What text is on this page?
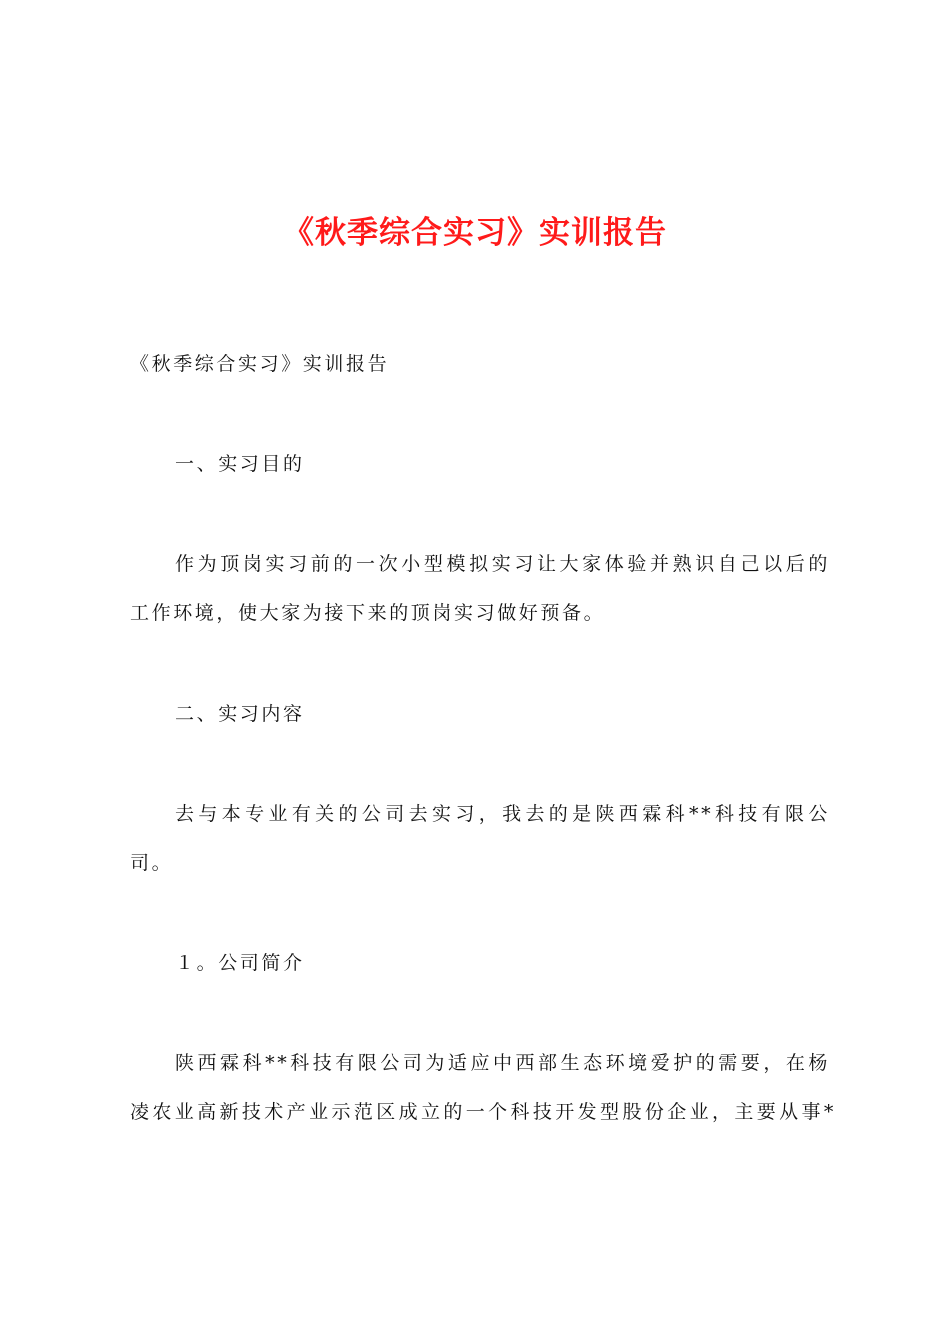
《秋季综合实习》实训报告
《秋季综合实习》实训报告
一、实习目的
作为顶岗实习前的一次小型模拟实习让大家体验并熟识自己以后的
工作环境，使大家为接下来的顶岗实习做好预备。
二、实习内容
去与本专业有关的公司去实习，我去的是陕西霖科**科技有限公
司。
１。公司简介
陕西霖科**科技有限公司为适应中西部生态环境爱护的需要，在杨
凌农业高新技术产业示范区成立的一个科技开发型股份企业，主要从事*
